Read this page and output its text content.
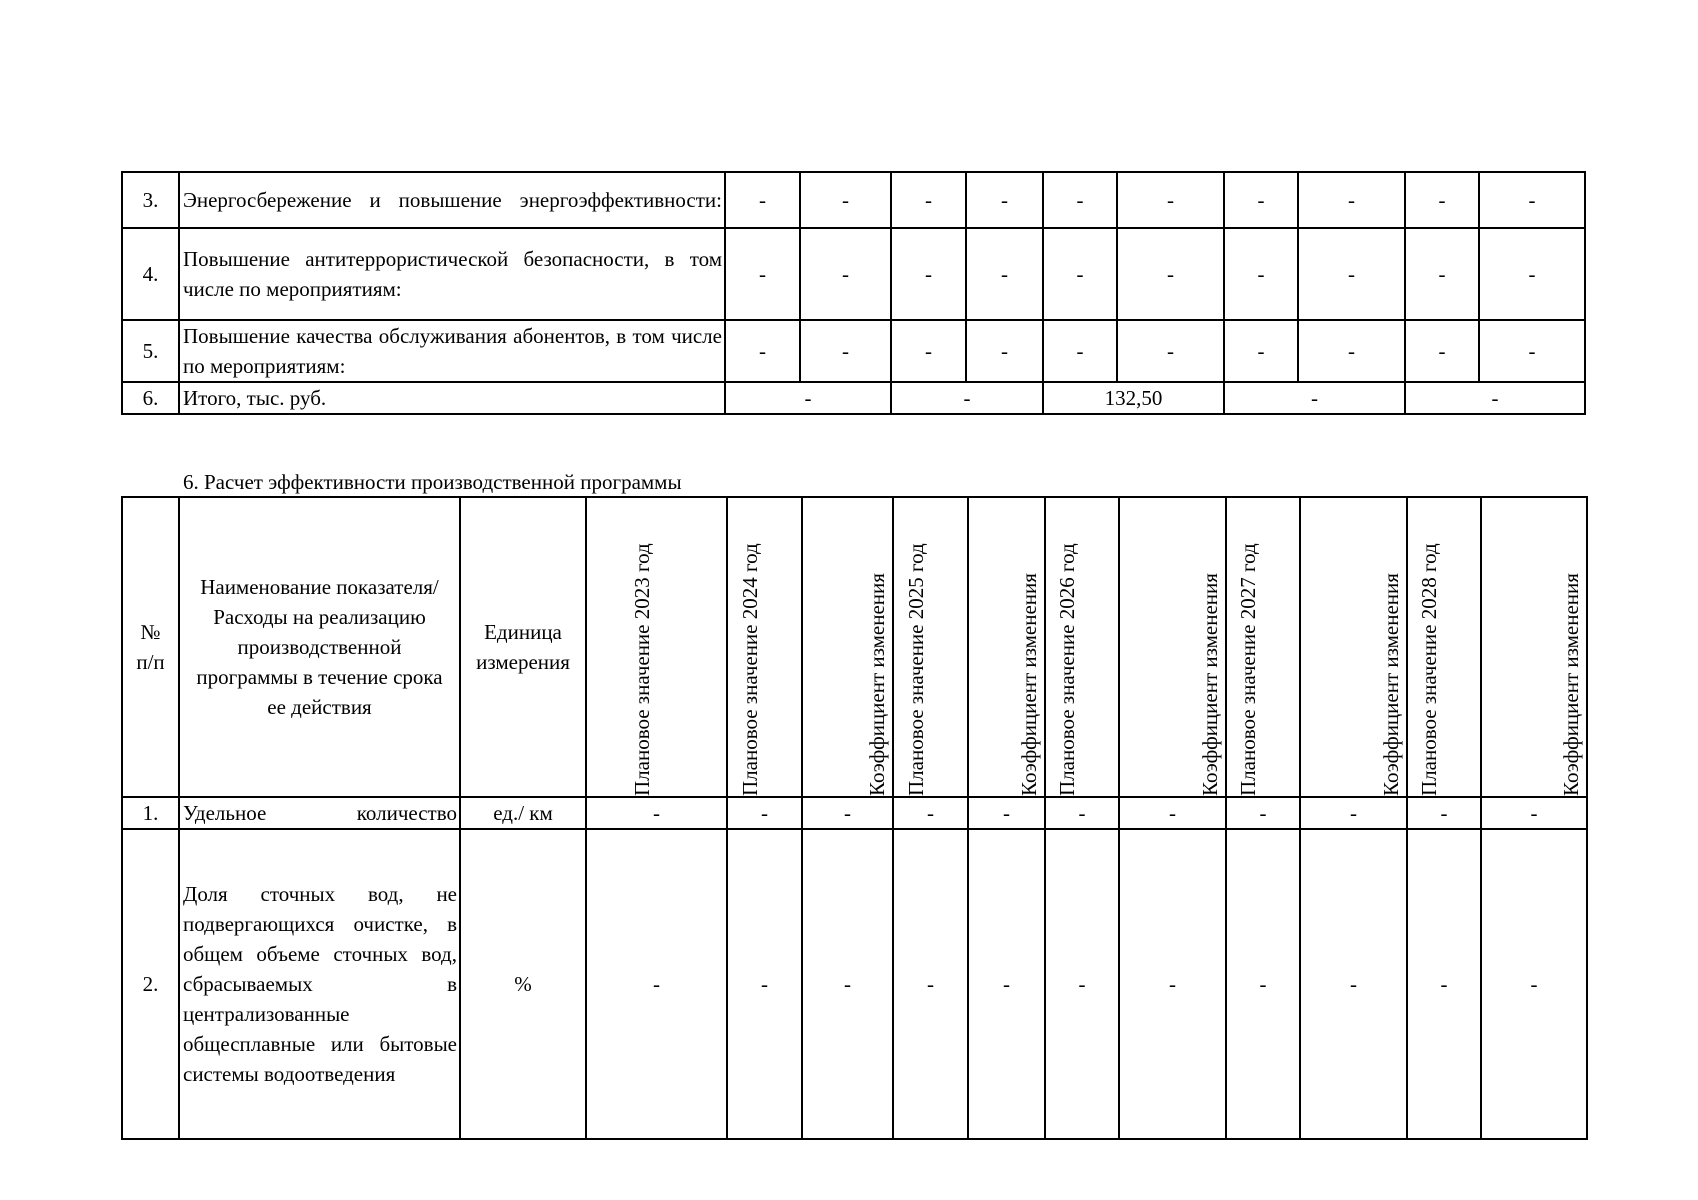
3.	Энергосбережение и повышение энергоэффективности:	-	-	-	-	-	-	-	-	-	-
4.	Повышение антитеррористической безопасности, в том числе по мероприятиям:	-	-	-	-	-	-	-	-	-	-
5.	Повышение качества обслуживания абонентов, в том числе по мероприятиям:	-	-	-	-	-	-	-	-	-	-
6.	Итого, тыс. руб.	-		-		132,50		-		-	
6. Расчет эффективности производственной программы
№ п/п	Наименование показателя/Расходы на реализацию производственной программы в течение срока ее действия	Единица измерения	Плановое значение 2023 год	Плановое значение 2024 год	Коэффициент изменения	Плановое значение 2025 год	Коэффициент изменения	Плановое значение 2026 год	Коэффициент изменения	Плановое значение 2027 год	Коэффициент изменения	Плановое значение 2028 год	Коэффициент изменения

1.	Удельное количество	ед./ км	-	-	-	-	-	-	-	-	-	-	-
2.	Доля сточных вод, не подвергающихся очистке, в общем объеме сточных вод, сбрасываемых в централизованные общесплавные или бытовые системы водоотведения	%	-	-	-	-	-	-	-	-	-	-	-
